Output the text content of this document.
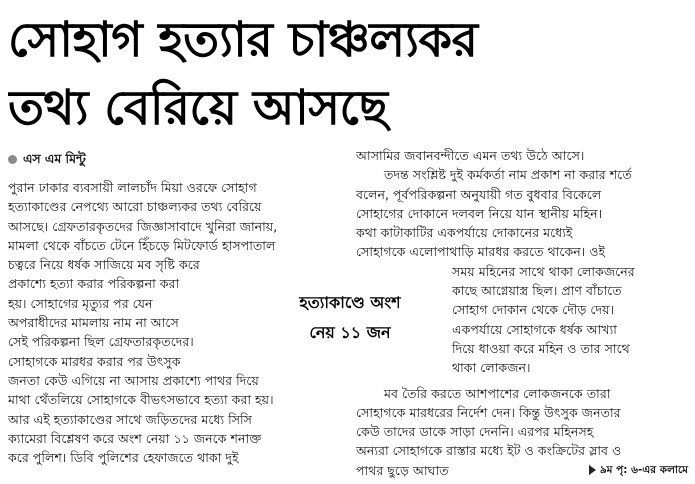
সোহাগ হত্যার চাঞ্চল্যকর
তথ্য বেরিয়ে আসছে
এস এম মিন্টু
পুরান ঢাকার ব্যবসায়ী লালচাঁদ মিয়া ওরফে সোহাগ
হত্যাকাণ্ডের নেপথ্যে আরো চাঞ্চল্যকর তথ্য বেরিয়ে
আসছে। গ্রেফতারকৃতদের জিজ্ঞাসাবাদে খুনিরা জানায়,
মামলা থেকে বাঁচতে টেনে হিঁচড়ে মিটফোর্ড হাসপাতাল
চত্বরে নিয়ে ধর্ষক সাজিয়ে মব সৃষ্টি করে
প্রকাশ্যে হত্যা করার পরিকল্পনা করা
হয়। সোহাগের মৃত্যুর পর যেন
অপরাধীদের মামলায় নাম না আসে
সেই পরিকল্পনা ছিল গ্রেফতারকৃতদের।
সোহাগকে মারধর করার পর উৎসুক
জনতা কেউ এগিয়ে না আসায় প্রকাশ্যে পাথর দিয়ে
মাথা থেঁতলিয়ে সোহাগকে বীভৎসভাবে হত্যা করা হয়।
আর এই হত্যাকাণ্ডের সাথে জড়িতদের মধ্যে সিসি
ক্যামেরা বিশ্লেষণ করে অংশ নেয়া ১১ জনকে শনাক্ত
করে পুলিশ। ডিবি পুলিশের হেফাজতে থাকা দুই
আসামির জবানবন্দীতে এমন তথ্য উঠে আসে।
তদন্ত সংশ্লিষ্ট দুই কর্মকর্তা নাম প্রকাশ না করার শর্তে
বলেন, পূর্বপরিকল্পনা অনুযায়ী গত বুধবার বিকেলে
সোহাগের দোকানে দলবল নিয়ে যান স্থানীয় মহিন।
কথা কাটাকাটির একপর্যায়ে দোকানের মধ্যেই
সোহাগকে এলোপাথাড়ি মারধর করতে থাকেন। ওই
সময় মহিনের সাথে থাকা লোকজনের
কাছে আগ্নেয়াস্ত্র ছিল। প্রাণ বাঁচাতে
সোহাগ দোকান থেকে দৌড় দেয়।
একপর্যায়ে সোহাগকে ধর্ষক আখ্যা
দিয়ে ধাওয়া করে মহিন ও তার সাথে
থাকা লোকজন।
মব তৈরি করতে আশপাশের লোকজনকে তারা
সোহাগকে মারধরের নির্দেশ দেন। কিন্তু উৎসুক জনতার
কেউ তাদের ডাকে সাড়া দেননি। এরপর মহিনসহ
অন্যরা সোহাগকে রাস্তার মধ্যে ইট ও কংক্রিটের স্লাব ও
পাথর ছুড়ে আঘাত	৯ম পৃ: ৬-এর কলামে
হত্যাকাণ্ডে অংশ
নেয় ১১ জন
